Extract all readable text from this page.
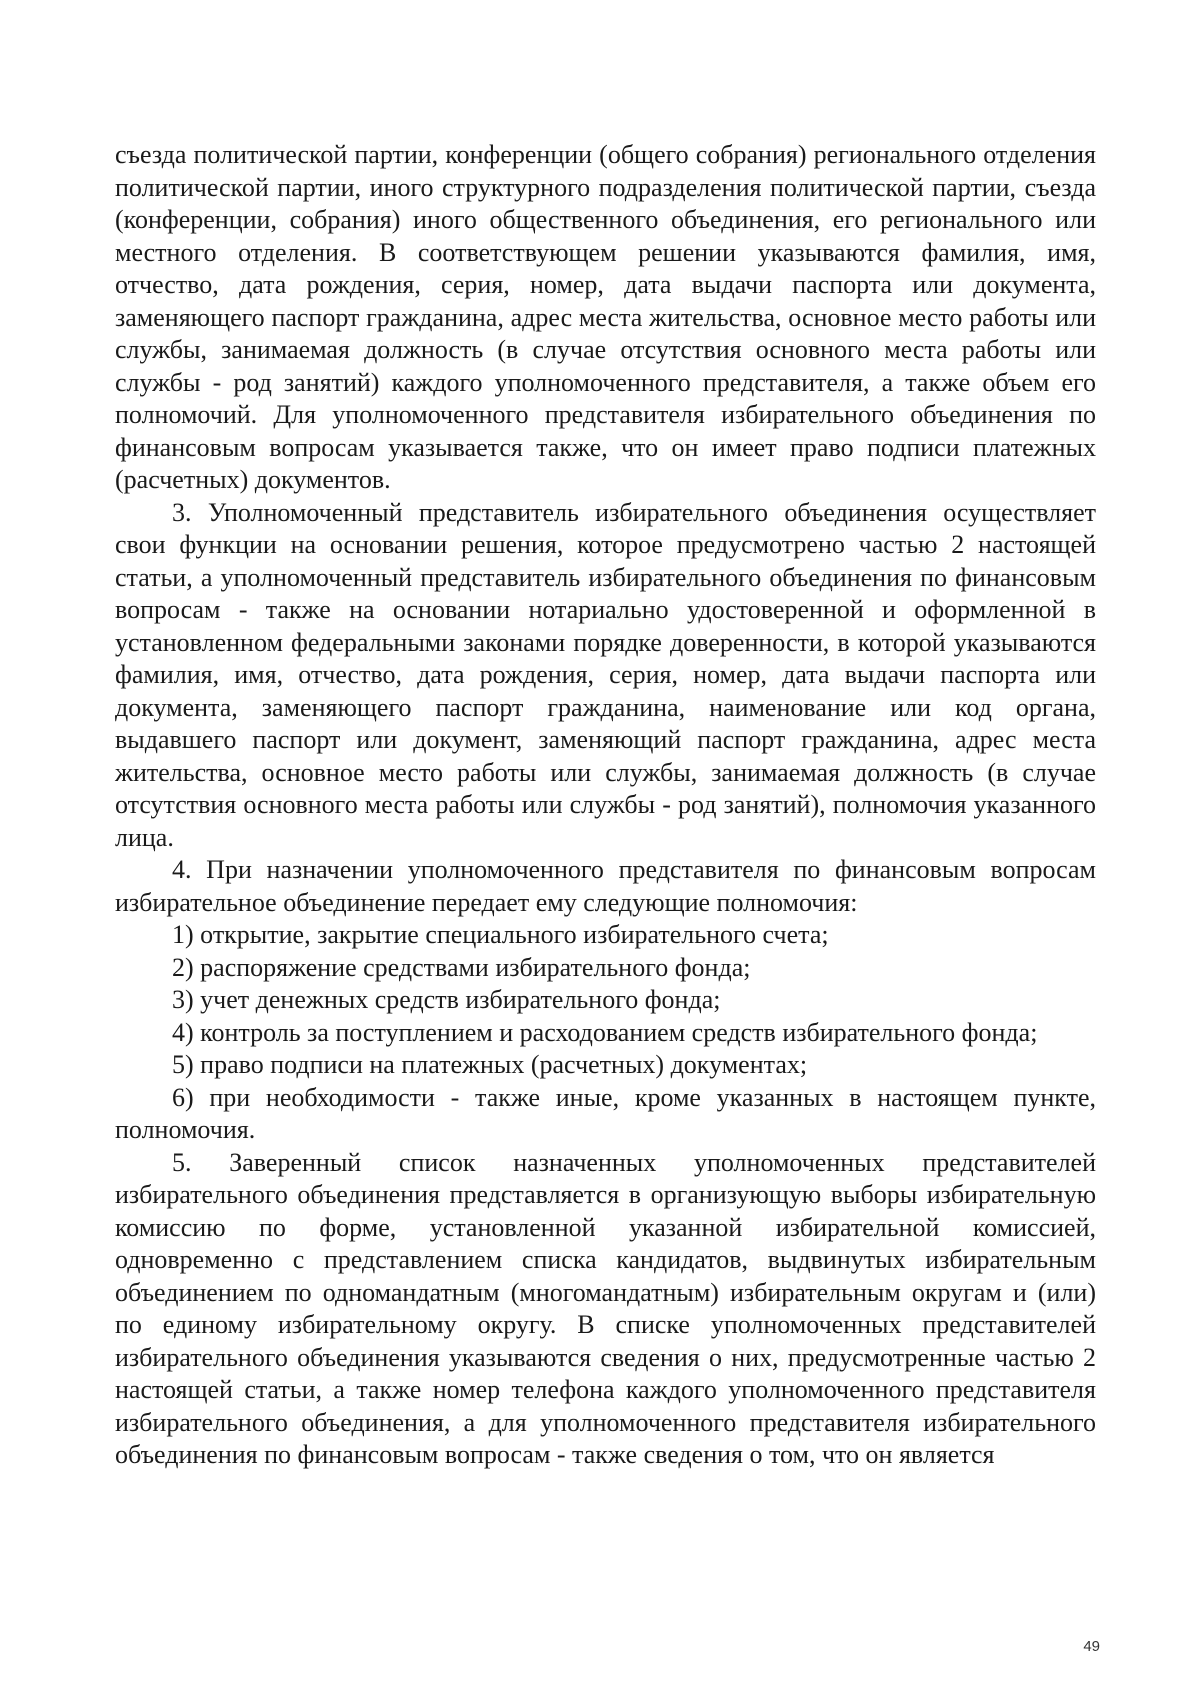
съезда политической партии, конференции (общего собрания) регионального отделения политической партии, иного структурного подразделения политической партии, съезда (конференции, собрания) иного общественного объединения, его регионального или местного отделения. В соответствующем решении указываются фамилия, имя, отчество, дата рождения, серия, номер, дата выдачи паспорта или документа, заменяющего паспорт гражданина, адрес места жительства, основное место работы или службы, занимаемая должность (в случае отсутствия основного места работы или службы - род занятий) каждого уполномоченного представителя, а также объем его полномочий. Для уполномоченного представителя избирательного объединения по финансовым вопросам указывается также, что он имеет право подписи платежных (расчетных) документов.

3. Уполномоченный представитель избирательного объединения осуществляет свои функции на основании решения, которое предусмотрено частью 2 настоящей статьи, а уполномоченный представитель избирательного объединения по финансовым вопросам - также на основании нотариально удостоверенной и оформленной в установленном федеральными законами порядке доверенности, в которой указываются фамилия, имя, отчество, дата рождения, серия, номер, дата выдачи паспорта или документа, заменяющего паспорт гражданина, наименование или код органа, выдавшего паспорт или документ, заменяющий паспорт гражданина, адрес места жительства, основное место работы или службы, занимаемая должность (в случае отсутствия основного места работы или службы - род занятий), полномочия указанного лица.

4. При назначении уполномоченного представителя по финансовым вопросам избирательное объединение передает ему следующие полномочия:

1) открытие, закрытие специального избирательного счета;

2) распоряжение средствами избирательного фонда;

3) учет денежных средств избирательного фонда;

4) контроль за поступлением и расходованием средств избирательного фонда;

5) право подписи на платежных (расчетных) документах;

6) при необходимости - также иные, кроме указанных в настоящем пункте, полномочия.

5. Заверенный список назначенных уполномоченных представителей избирательного объединения представляется в организующую выборы избирательную комиссию по форме, установленной указанной избирательной комиссией, одновременно с представлением списка кандидатов, выдвинутых избирательным объединением по одномандатным (многомандатным) избирательным округам и (или) по единому избирательному округу. В списке уполномоченных представителей избирательного объединения указываются сведения о них, предусмотренные частью 2 настоящей статьи, а также номер телефона каждого уполномоченного представителя избирательного объединения, а для уполномоченного представителя избирательного объединения по финансовым вопросам - также сведения о том, что он является

49
